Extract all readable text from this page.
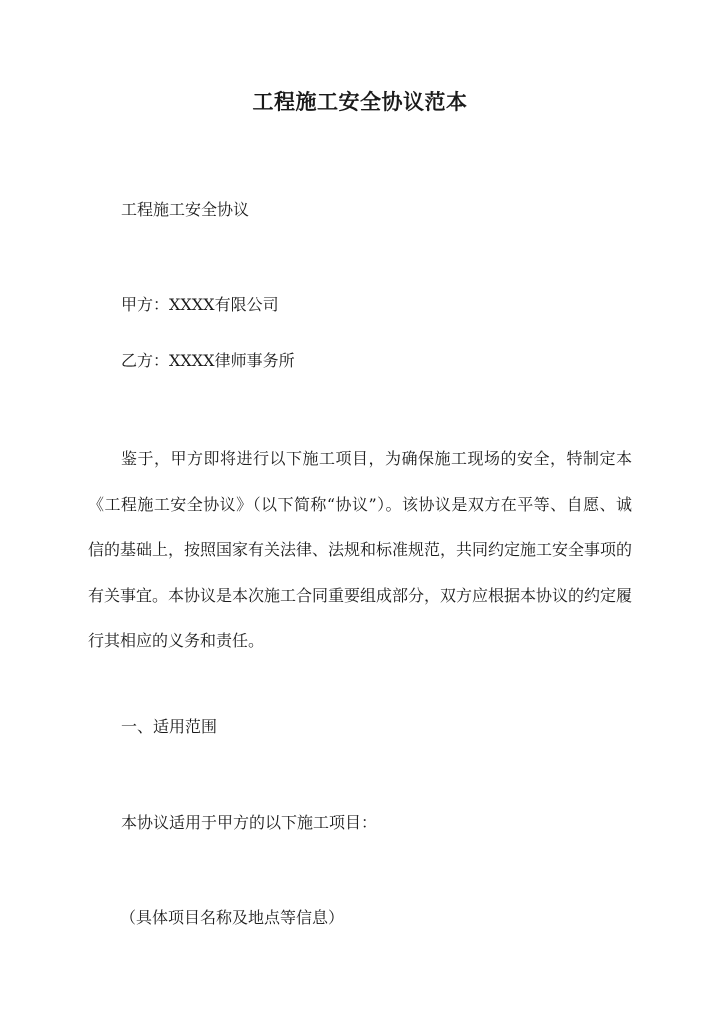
工程施工安全协议范本
工程施工安全协议
甲方：XXXX有限公司
乙方：XXXX律师事务所
鉴于，甲方即将进行以下施工项目，为确保施工现场的安全，特制定本《工程施工安全协议》（以下简称“协议”）。该协议是双方在平等、自愿、诚信的基础上，按照国家有关法律、法规和标准规范，共同约定施工安全事项的有关事宜。本协议是本次施工合同重要组成部分，双方应根据本协议的约定履行其相应的义务和责任。
一、适用范围
本协议适用于甲方的以下施工项目：
（具体项目名称及地点等信息）
